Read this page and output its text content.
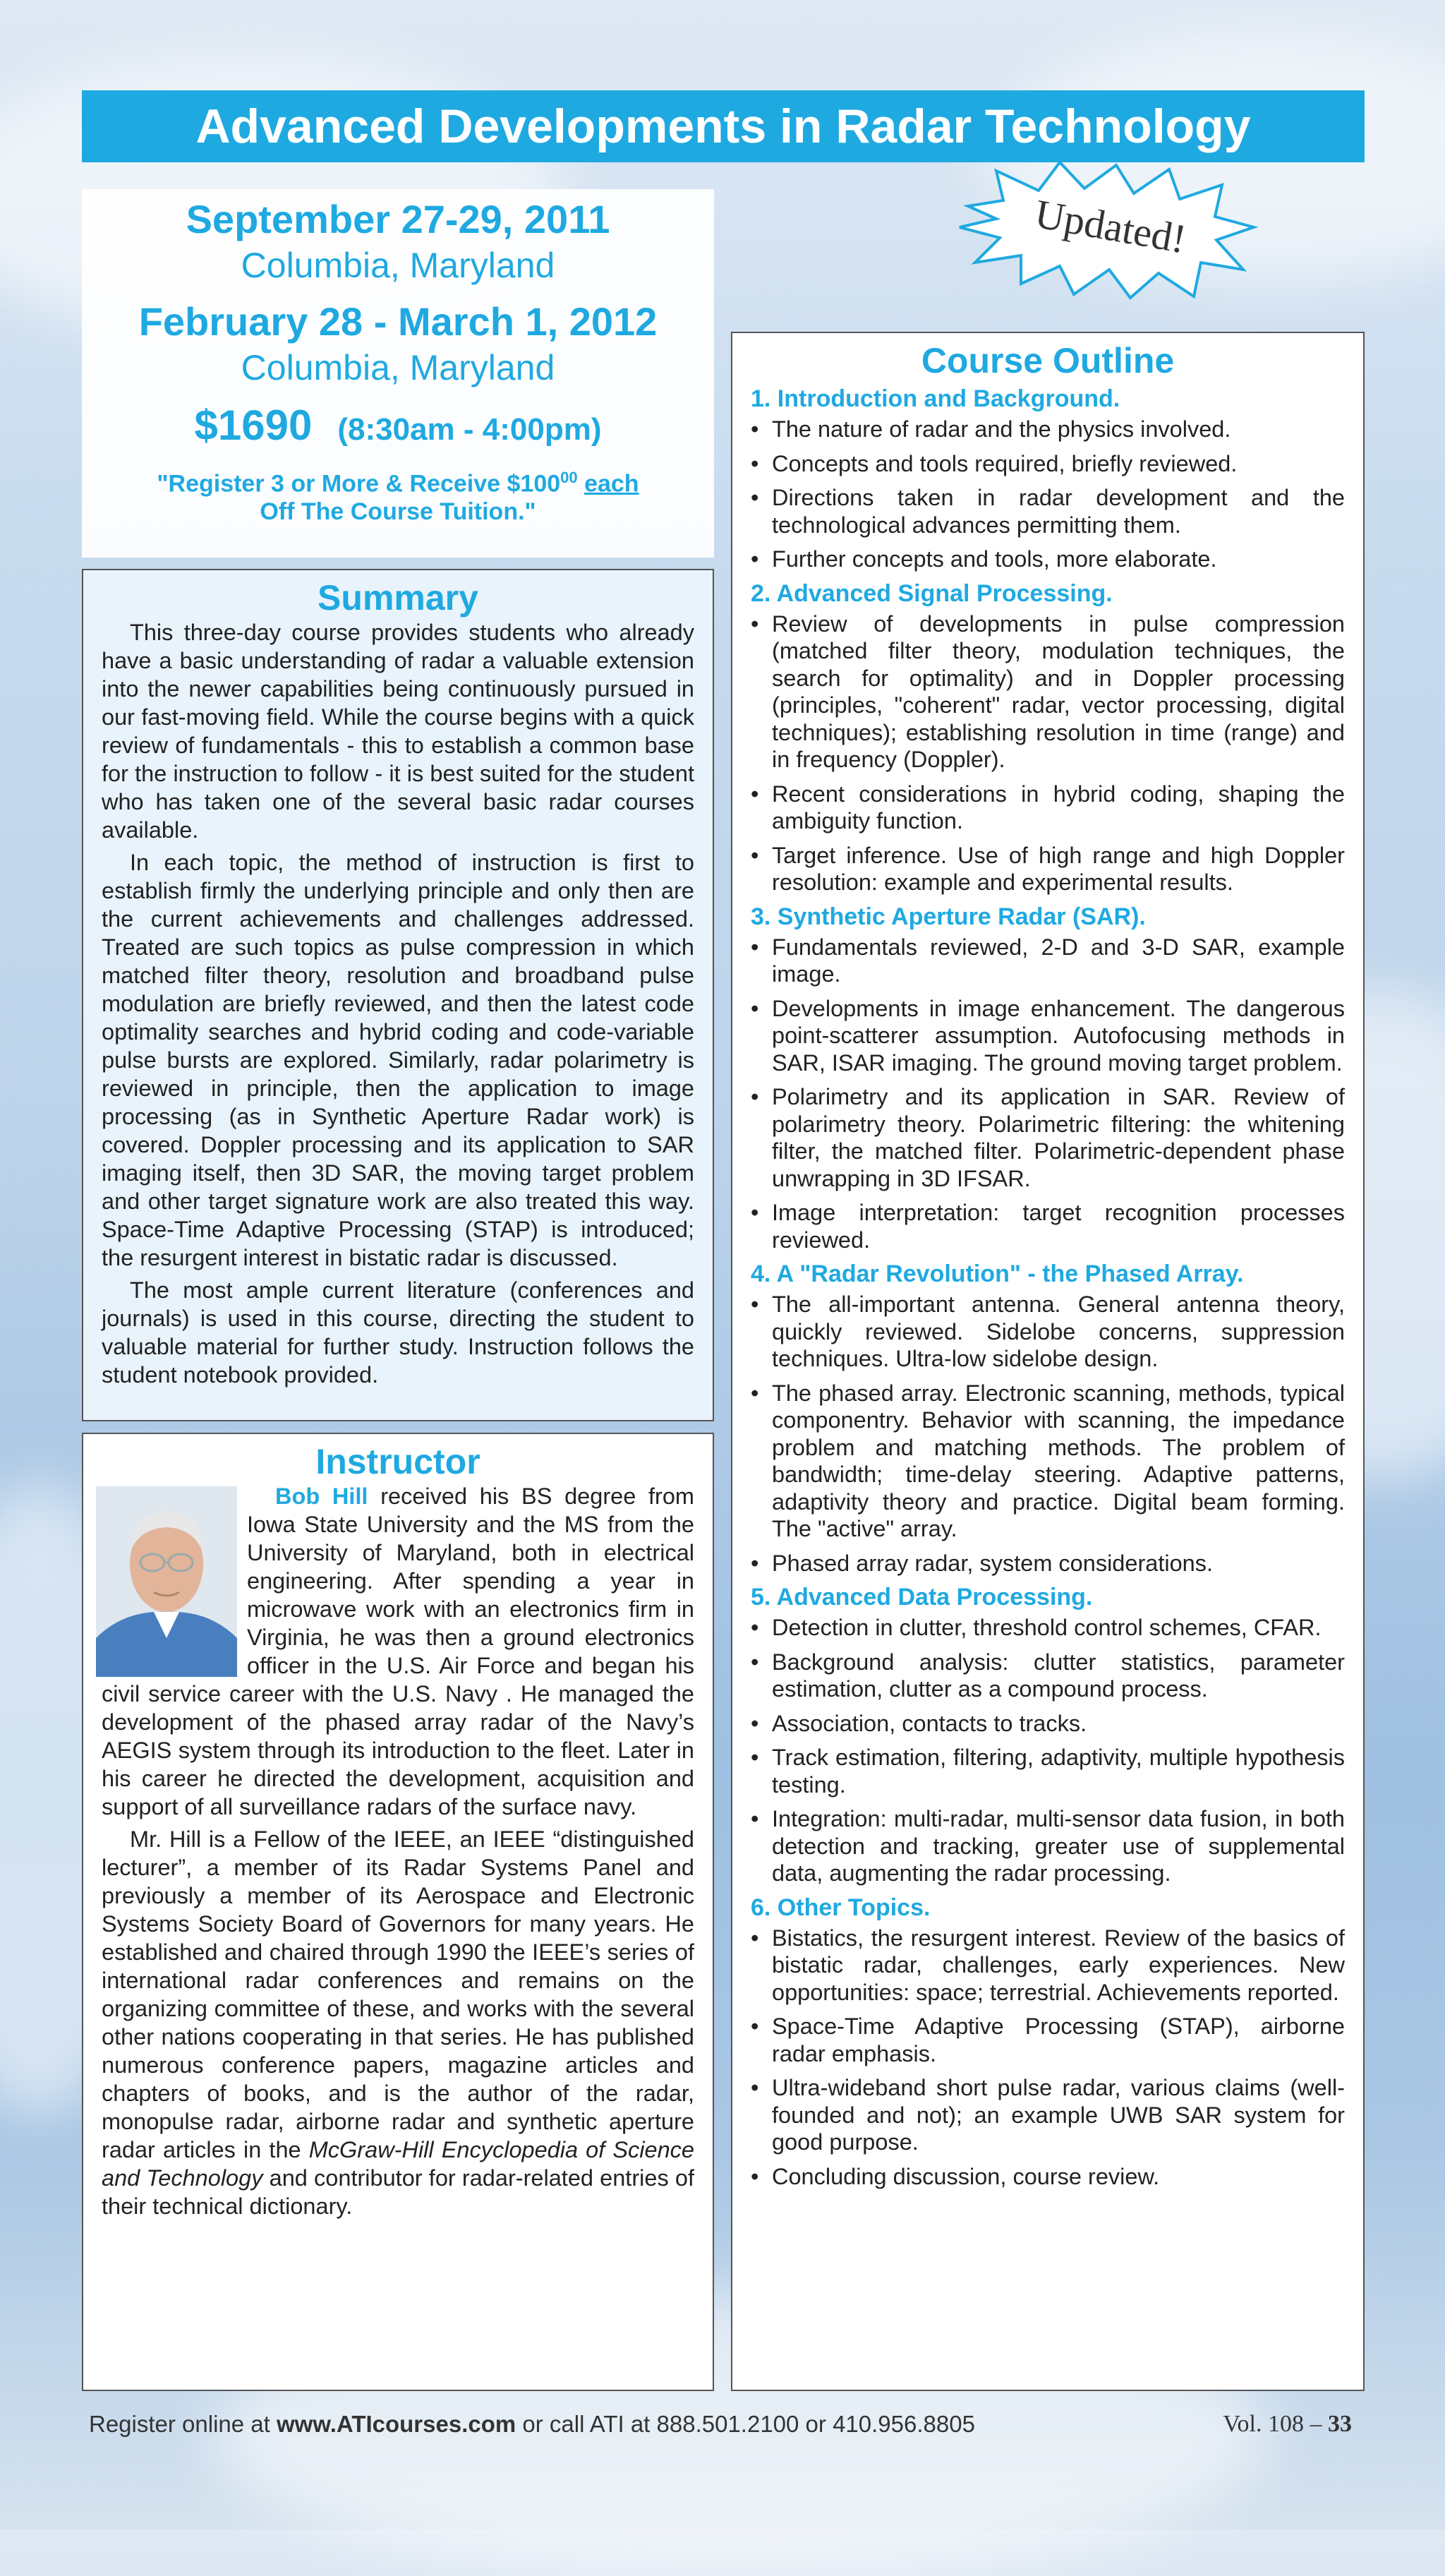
Advanced Developments in Radar Technology
Updated!
September 27-29, 2011
Columbia, Maryland
February 28 - March 1, 2012
Columbia, Maryland
$1690 (8:30am - 4:00pm)
"Register 3 or More & Receive $\$100^{00}$ each
Off The Course Tuition."
Summary

This three-day course provides students who already have a basic understanding of radar a valuable extension into the newer capabilities being continuously pursued in our fast-moving field. While the course begins with a quick review of fundamentals - this to establish a common base for the instruction to follow - it is best suited for the student who has taken one of the several basic radar courses available.

In each topic, the method of instruction is first to establish firmly the underlying principle and only then are the current achievements and challenges addressed. Treated are such topics as pulse compression in which matched filter theory, resolution and broadband pulse modulation are briefly reviewed, and then the latest code optimality searches and hybrid coding and code-variable pulse bursts are explored. Similarly, radar polarimetry is reviewed in principle, then the application to image processing (as in Synthetic Aperture Radar work) is covered. Doppler processing and its application to SAR imaging itself, then 3D SAR, the moving target problem and other target signature work are also treated this way. Space-Time Adaptive Processing (STAP) is introduced; the resurgent interest in bistatic radar is discussed.

The most ample current literature (conferences and journals) is used in this course, directing the student to valuable material for further study. Instruction follows the student notebook provided.

Instructor

Bob Hill
received his BS degree from Iowa State University and the MS from the University of Maryland, both in electrical engineering. After spending a year in microwave work with an electronics firm in Virginia, he was then a ground electronics officer in the U.S. Air Force and began his civil service career with the U.S. Navy . He managed the development of the phased array radar of the Navy’s AEGIS system through its introduction to the fleet. Later in his career he directed the development, acquisition and support of all surveillance radars of the surface navy.

Mr. Hill is a Fellow of the IEEE, an IEEE “distinguished lecturer”, a member of its Radar Systems Panel and previously a member of its Aerospace and Electronic Systems Society Board of Governors for many years. He established and chaired through 1990 the IEEE’s series of international radar conferences and remains on the organizing committee of these, and works with the several other nations cooperating in that series. He has published numerous conference papers, magazine articles and chapters of books, and is the author of the radar, monopulse radar, airborne radar and synthetic aperture radar articles in the McGraw-Hill Encyclopedia of Science and Technology and contributor for radar-related entries of their technical dictionary.

Course Outline
1. Introduction and Background.
• The nature of radar and the physics involved.
• Concepts and tools required, briefly reviewed.
• Directions taken in radar development and the technological advances permitting them.
• Further concepts and tools, more elaborate.
2. Advanced Signal Processing.
• Review of developments in pulse compression (matched filter theory, modulation techniques, the search for optimality) and in Doppler processing (principles, "coherent" radar, vector processing, digital techniques); establishing resolution in time (range) and in frequency (Doppler).
• Recent considerations in hybrid coding, shaping the ambiguity function.
• Target inference. Use of high range and high Doppler resolution: example and experimental results.
3. Synthetic Aperture Radar (SAR).
• Fundamentals reviewed, 2-D and 3-D SAR, example image.
• Developments in image enhancement. The dangerous point-scatterer assumption. Autofocusing methods in SAR, ISAR imaging. The ground moving target problem.
• Polarimetry and its application in SAR. Review of polarimetry theory. Polarimetric filtering: the whitening filter, the matched filter. Polarimetric-dependent phase unwrapping in 3D IFSAR.
• Image interpretation: target recognition processes reviewed.
4. A "Radar Revolution" - the Phased Array.
• The all-important antenna. General antenna theory, quickly reviewed. Sidelobe concerns, suppression techniques. Ultra-low sidelobe design.
• The phased array. Electronic scanning, methods, typical componentry. Behavior with scanning, the impedance problem and matching methods. The problem of bandwidth; time-delay steering. Adaptive patterns, adaptivity theory and practice. Digital beam forming. The "active" array.
• Phased array radar, system considerations.
5. Advanced Data Processing.
• Detection in clutter, threshold control schemes, CFAR.
• Background analysis: clutter statistics, parameter estimation, clutter as a compound process.
• Association, contacts to tracks.
• Track estimation, filtering, adaptivity, multiple hypothesis testing.
• Integration: multi-radar, multi-sensor data fusion, in both detection and tracking, greater use of supplemental data, augmenting the radar processing.
6. Other Topics.
• Bistatics, the resurgent interest. Review of the basics of bistatic radar, challenges, early experiences. New opportunities: space; terrestrial. Achievements reported.
• Space-Time Adaptive Processing (STAP), airborne radar emphasis.
• Ultra-wideband short pulse radar, various claims (well-founded and not); an example UWB SAR system for good purpose.
• Concluding discussion, course review.
Register online at www.ATIcourses.com or call ATI at 888.501.2100 or 410.956.8805	Vol. 108 – 33
